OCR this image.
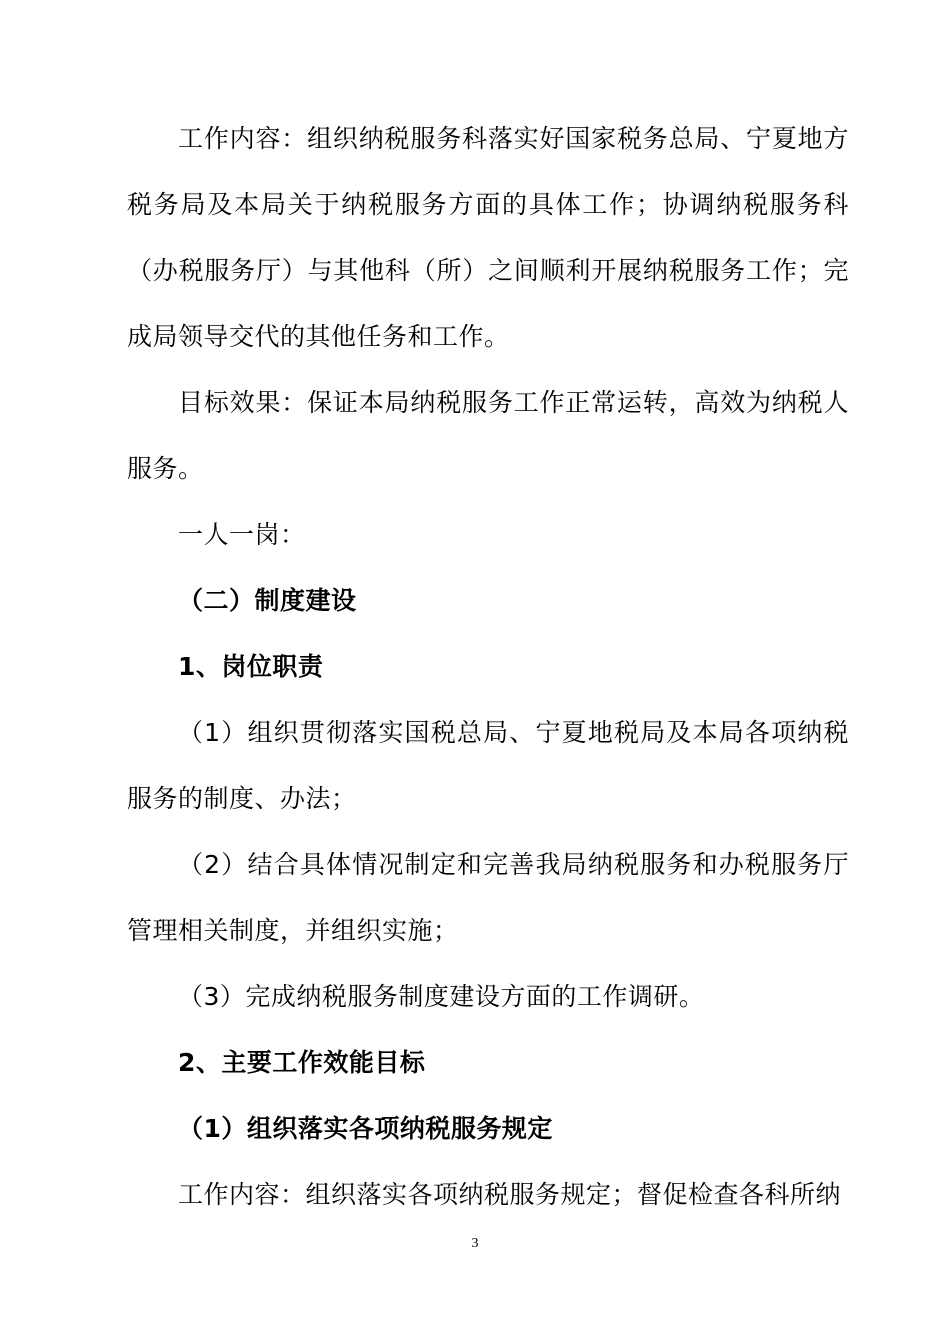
工作内容：组织纳税服务科落实好国家税务总局、宁夏地方税务局及本局关于纳税服务方面的具体工作；协调纳税服务科（办税服务厅）与其他科（所）之间顺利开展纳税服务工作；完成局领导交代的其他任务和工作。

目标效果：保证本局纳税服务工作正常运转，高效为纳税人服务。

一人一岗：

（二）制度建设

1、岗位职责

（1）组织贯彻落实国税总局、宁夏地税局及本局各项纳税服务的制度、办法；

（2）结合具体情况制定和完善我局纳税服务和办税服务厅管理相关制度，并组织实施；

（3）完成纳税服务制度建设方面的工作调研。

2、主要工作效能目标

（1）组织落实各项纳税服务规定

工作内容：组织落实各项纳税服务规定；督促检查各科所纳

3
